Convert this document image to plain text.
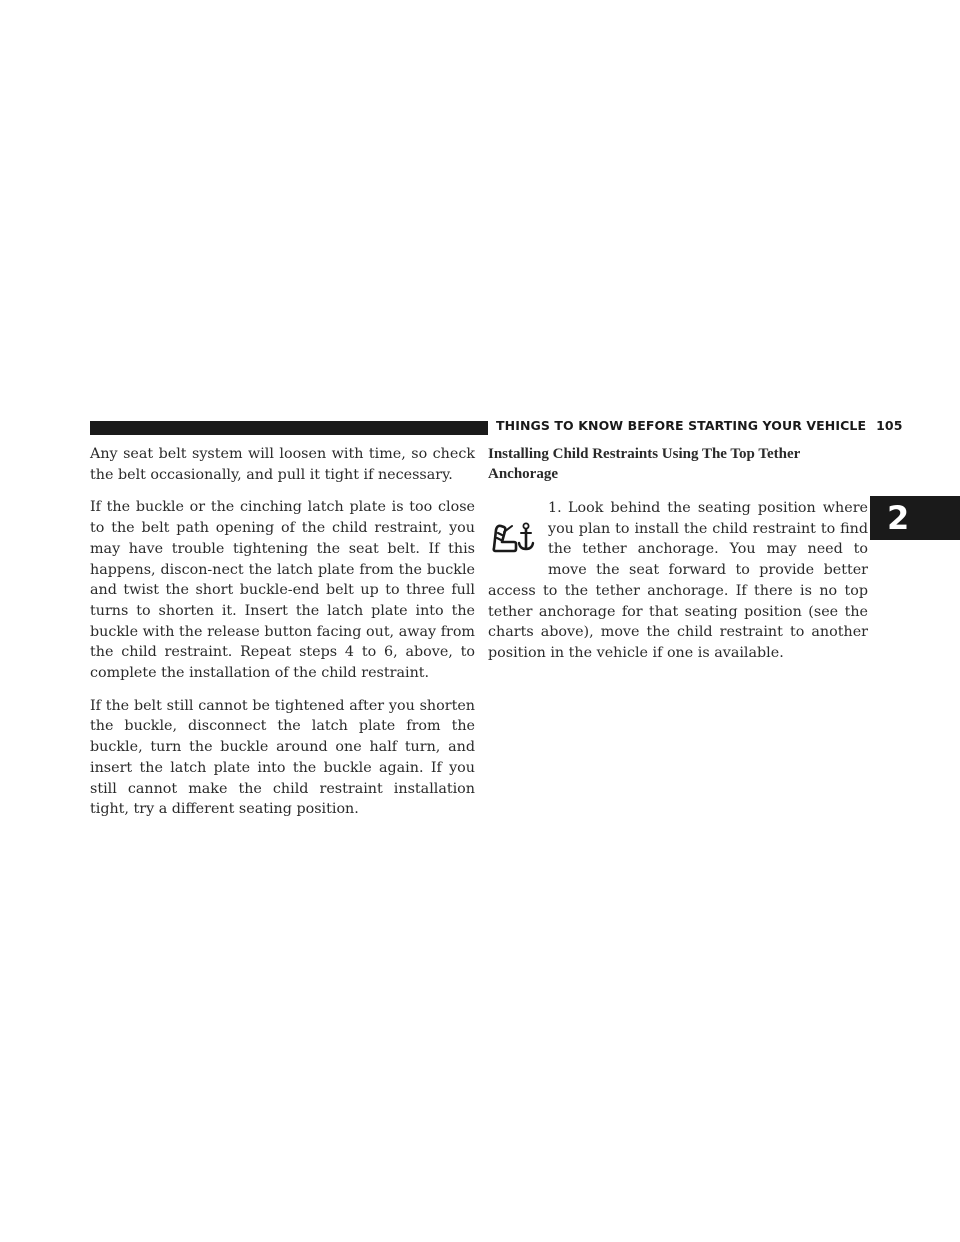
THINGS TO KNOW BEFORE STARTING YOUR VEHICLE 105

Any seat belt system will loosen with time, so check the belt occasionally, and pull it tight if necessary.

If the buckle or the cinching latch plate is too close to the belt path opening of the child restraint, you may have trouble tightening the seat belt. If this happens, discon-nect the latch plate from the buckle and twist the short buckle-end belt up to three full turns to shorten it. Insert the latch plate into the buckle with the release button facing out, away from the child restraint. Repeat steps 4 to 6, above, to complete the installation of the child restraint.

If the belt still cannot be tightened after you shorten the buckle, disconnect the latch plate from the buckle, turn the buckle around one half turn, and insert the latch plate into the buckle again. If you still cannot make the child restraint installation tight, try a different seating position.

Installing Child Restraints Using The Top Tether Anchorage

1. Look behind the seating position where you plan to install the child restraint to find the tether anchorage. You may need to move the seat forward to provide better access to the tether anchorage. If there is no top tether anchorage for that seating position (see the charts above), move the child restraint to another position in the vehicle if one is available.

2
